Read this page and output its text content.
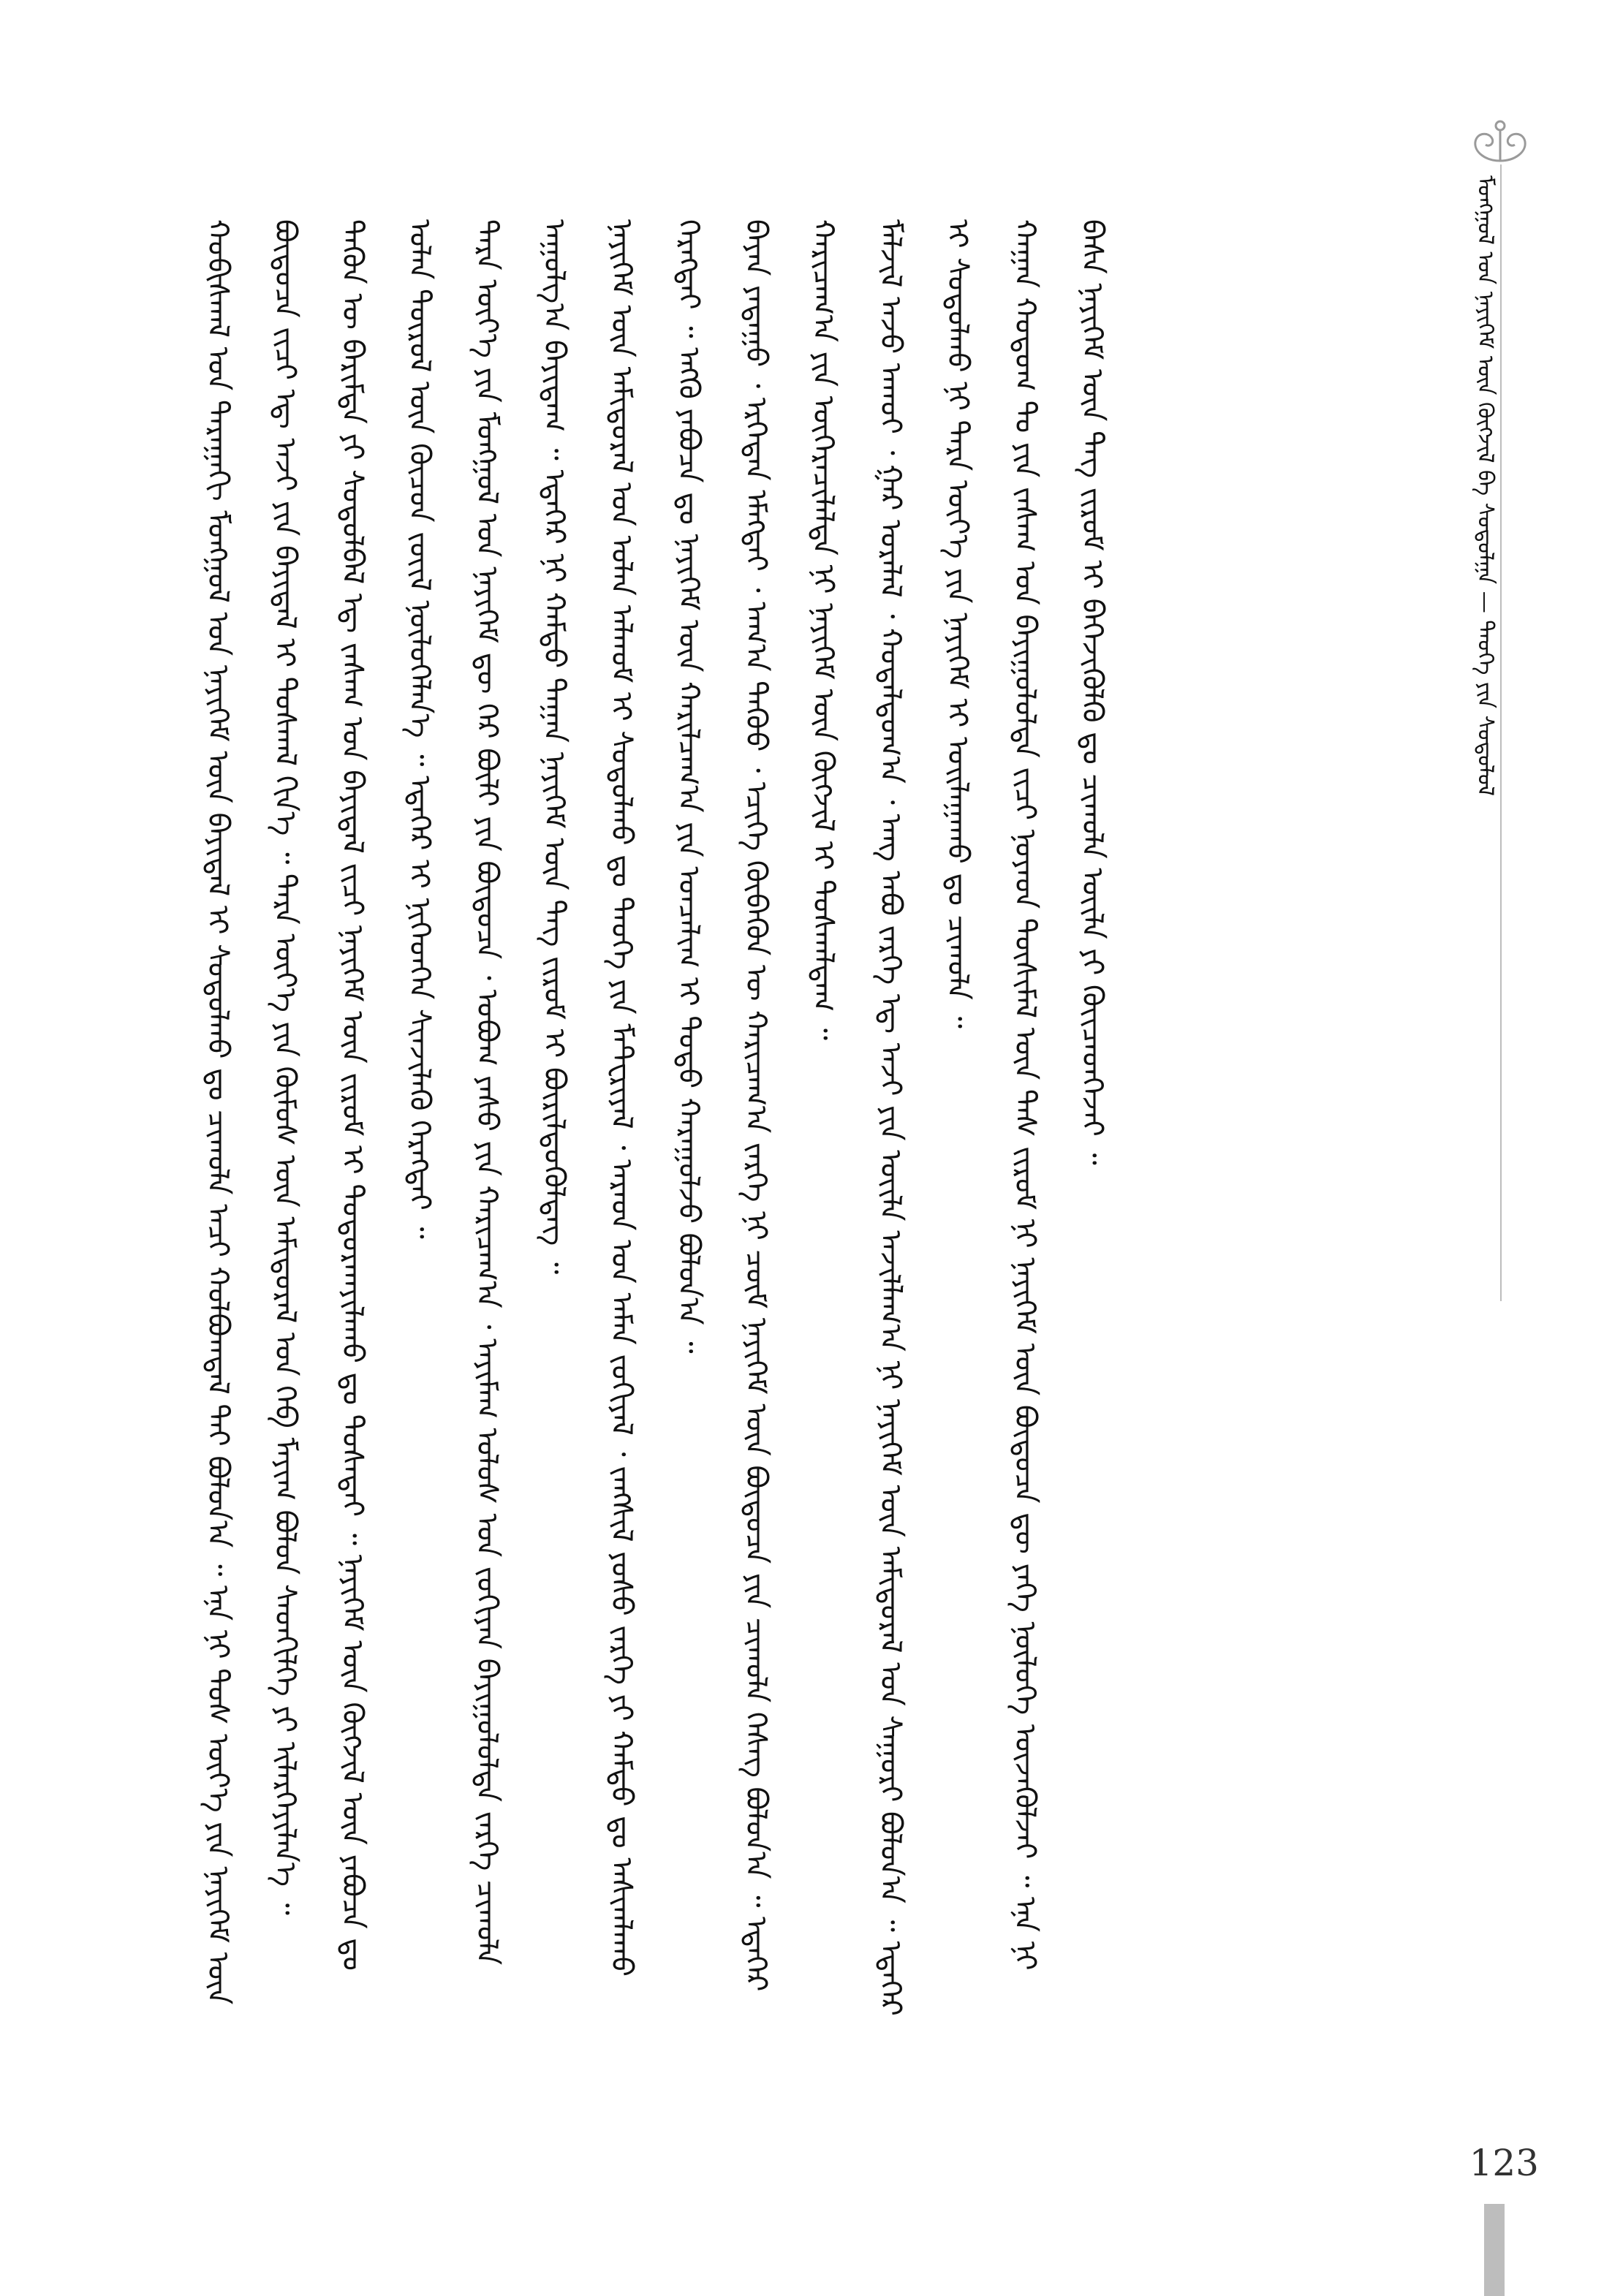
ᠮᠣᠩᠭᠣᠯ ᠤᠨ ᠨᠡᠶᠢᠭᠡᠮ ᠦᠨ ᠬᠥᠭᠵᠢᠯ ᠪᠠ ᠰᠤᠳᠤᠯᠭᠠ — ᠲᠡᠦᠬᠡ ᠶᠢᠨ ᠰᠤᠳᠤᠯᠤᠯ

ᠬᠣᠪᠢᠰᠬᠠᠯ ᠤᠨ ᠳᠠᠷᠠᠭᠠᠬᠢ ᠮᠣᠩᠭᠣᠯ ᠤᠨ ᠨᠡᠶᠢᠭᠡᠮ ᠦᠨ ᠪᠠᠶᠢᠳᠠᠯ ᠢ ᠰᠤᠳᠤᠯᠬᠤ ᠳᠤ ᠴᠢᠬᠤᠯᠠ ᠠᠴᠢ ᠬᠣᠯᠪᠣᠭᠳᠠᠯ ᠲᠠᠢ ᠪᠣᠯᠤᠨ᠎ᠠ ᠃ ᠡᠨᠡ ᠨᠢ ᠲᠤᠰ ᠦᠶ᠎ᠡ ᠶᠢᠨ ᠨᠡᠶᠢᠭᠡᠮ ᠦᠨ ᠪᠦᠲᠦᠴᠡ ᠵᠢᠴᠢ ᠡᠳ᠋ ᠠᠵᠢ ᠶᠢᠨ ᠪᠠᠶᠢᠳᠠᠯ ᠢ ᠲᠤᠰᠬᠠᠯ ᠬᠢᠨ᠎ᠡ ᠃ ᠲᠡᠷᠡ ᠦᠶ᠎ᠡ ᠶᠢᠨ ᠬᠦᠮᠦᠰ ᠦᠨ ᠠᠮᠢᠳᠤᠷᠠᠯ ᠤᠨ ᠬᠡᠪ ᠮᠠᠶᠢᠭ ᠪᠣᠯᠣᠨ ᠰᠡᠳᠬᠢᠯᠭᠡ ᠶᠢ ᠢᠯᠡᠷᠬᠡᠶᠢᠯᠡᠨ᠎ᠡ ᠃	ᠲᠡᠭᠦᠨ ᠦ ᠪᠠᠷᠢᠮᠲᠠ ᠶᠢ ᠰᠤᠳᠤᠯᠪᠠᠯ ᠡᠳ᠋ ᠵᠠᠰᠠᠭ ᠤᠨ ᠪᠠᠶᠢᠳᠠᠯ ᠵᠢᠴᠢ ᠨᠡᠶᠢᠭᠡᠮ ᠦᠨ ᠵᠢᠷᠤᠮ ᠢ ᠲᠣᠳᠤᠷᠬᠠᠶᠢᠯᠠᠬᠤ ᠳᠤ ᠲᠤᠰᠠᠲᠠᠢ ᠃ ᠨᠡᠶᠢᠭᠡᠮ ᠦᠨ ᠬᠥᠭᠵᠢᠯ ᠦᠨ ᠶᠠᠪᠤᠴᠠ ᠳᠤ ᠣᠯᠠᠨ ᠲᠥᠷᠦᠯ ᠦᠨ ᠬᠦᠴᠦᠨ ᠵᠦᠢᠯ ᠨᠥᠯᠥᠭᠡᠯᠡᠨ᠎ᠡ ᠃ ᠡᠳᠡᠭᠡᠷ ᠢ ᠨᠢᠭᠡᠳᠬᠡᠨ ᠰᠢᠨᠵᠢᠯᠡᠬᠦ ᠬᠡᠷᠡᠭᠲᠡᠢ ᠃	ᠲᠡᠷᠡ ᠦᠶ᠎ᠡ ᠶᠢᠨ ᠮᠣᠩᠭᠣᠯ ᠤᠨ ᠨᠡᠶᠢᠭᠡᠮ ᠳᠦ ᠭᠡᠷ ᠪᠦᠯᠢ ᠶᠢᠨ ᠪᠦᠲᠦᠴᠡ ᠂ ᠣᠪᠣᠭ ᠶᠠᠰᠤ ᠶᠢᠨ ᠬᠠᠷᠢᠴᠠᠭ᠎ᠠ ᠂ ᠠᠶᠢᠮᠠᠭ ᠤᠯᠤᠰ ᠤᠨ ᠵᠣᠬᠢᠶᠠᠨ ᠪᠠᠶᠢᠭᠤᠯᠤᠯᠲᠠ ᠵᠡᠷᠭᠡ ᠴᠢᠬᠤᠯᠠ ᠠᠭᠤᠯᠭ᠎ᠠ ᠪᠠᠶᠢᠳᠠᠭ ᠃ ᠡᠳᠡᠭᠡᠷ ᠨᠢ ᠬᠠᠮᠲᠤ ᠳᠠᠭᠠᠨ ᠨᠡᠶᠢᠭᠡᠮ ᠦᠨ ᠳᠡᠭ ᠵᠢᠷᠤᠮ ᠢ ᠪᠦᠷᠢᠯᠳᠦᠭᠦᠯᠳᠡᠭ ᠃	ᠨᠡᠶᠢᠭᠡᠮ ᠦᠨ ᠠᠮᠢᠳᠤᠷᠠᠯ ᠤᠨ ᠣᠯᠠᠨ ᠠᠯᠬᠤᠮ ᠢ ᠰᠤᠳᠤᠯᠬᠤ ᠳᠤ ᠲᠡᠦᠬᠡ ᠶᠢᠨ ᠮᠠᠲ᠋ᠧᠷᠢᠶᠠᠯ ᠂ ᠠᠷᠠᠳ ᠤᠨ ᠠᠮᠠᠨ ᠵᠣᠬᠢᠶᠠᠯ ᠂ ᠵᠠᠩᠱᠢᠯ ᠶᠣᠰᠣ ᠵᠡᠷᠭᠡ ᠶᠢ ᠬᠠᠮᠲᠤ ᠳᠤ ᠠᠰᠢᠭᠯᠠᠬᠤ ᠬᠡᠷᠡᠭᠲᠡᠢ ᠃ ᠡᠩᠬᠦ ᠶᠠᠪᠤᠴᠠ ᠳᠤ ᠨᠡᠶᠢᠭᠡᠮ ᠦᠨ ᠬᠠᠷᠢᠯᠴᠠᠭ᠎ᠠ ᠶᠢᠨ ᠣᠨᠴᠠᠯᠢᠭ ᠢ ᠲᠣᠳᠤ ᠬᠠᠷᠠᠭᠤᠯᠵᠤ ᠪᠣᠯᠤᠨ᠎ᠠ ᠃	ᠪᠠᠶᠠᠨ ᠶᠠᠳᠠᠭᠤ ᠂ ᠡᠷᠬᠡᠲᠡᠨ ᠡᠮᠡᠭᠲᠡᠢ ᠂ ᠠᠬ᠎ᠠ ᠳᠡᠭᠦᠦ ᠂ ᠡᠴᠢᠭᠡ ᠬᠦᠪᠡᠭᠦᠨ ᠦ ᠬᠠᠷᠢᠴᠠᠭ᠎ᠠ ᠵᠡᠷᠭᠡ ᠨᠢ ᠴᠥᠮ ᠨᠡᠶᠢᠭᠡᠮ ᠦᠨ ᠪᠦᠲᠦᠴᠡ ᠶᠢᠨ ᠴᠢᠬᠤᠯᠠ ᠬᠡᠰᠡᠭ ᠪᠣᠯᠤᠨ᠎ᠠ ᠃ ᠡᠳᠡᠭᠡᠷ ᠬᠠᠷᠢᠴᠠᠭ᠎ᠠ ᠶᠢᠨ ᠥᠭᠡᠷᠡᠴᠢᠯᠡᠯᠲᠡ ᠨᠢ ᠨᠡᠶᠢᠭᠡᠮ ᠦᠨ ᠬᠥᠭᠵᠢᠯ ᠢ ᠲᠤᠰᠬᠠᠯᠳᠠᠭ ᠃	ᠮᠠᠯᠵᠢᠯ ᠠᠵᠤ ᠠᠬᠤᠢ ᠂ ᠭᠠᠷ ᠤᠷᠠᠯᠠᠯ ᠂ ᠬᠤᠳᠠᠯᠳᠤᠭ᠎ᠠ ᠂ ᠠᠩ ᠠᠪᠤ ᠵᠡᠷᠭᠡ ᠡᠳ᠋ ᠠᠵᠢ ᠶᠢᠨ ᠦᠢᠯᠡ ᠠᠵᠢᠯᠯᠠᠭ᠎ᠠ ᠨᠢ ᠨᠡᠶᠢᠭᠡᠮ ᠦᠨ ᠠᠮᠢᠳᠤᠷᠠᠯ ᠤᠨ ᠰᠠᠭᠤᠷᠢ ᠪᠣᠯᠤᠨ᠎ᠠ ᠃ ᠡᠳᠡᠭᠡᠷ ᠢ ᠰᠤᠳᠤᠯᠬᠤ ᠨᠢ ᠲᠡᠷᠡ ᠦᠶ᠎ᠡ ᠶᠢᠨ ᠨᠡᠶᠢᠭᠡᠮ ᠢ ᠣᠢᠯᠠᠭᠠᠬᠤ ᠳᠤ ᠴᠢᠬᠤᠯᠠ ᠃	ᠬᠠᠭᠠᠨ ᠬᠤᠲᠤᠭ ᠲᠤ ᠶᠢᠨ ᠵᠠᠰᠠᠭ ᠤᠨ ᠪᠠᠶᠢᠭᠤᠯᠤᠯᠲᠠ ᠵᠢᠴᠢ ᠨᠣᠶᠠᠳ ᠲᠦᠰᠢᠮᠡᠯ ᠦᠨ ᠳᠡᠰ ᠵᠢᠷᠤᠮ ᠨᠢ ᠨᠡᠶᠢᠭᠡᠮ ᠦᠨ ᠪᠦᠲᠦᠴᠡ ᠳᠦ ᠶᠡᠬᠡ ᠨᠥᠯᠥᠭᠡ ᠦᠵᠡᠭᠦᠯᠵᠡᠢ ᠃ ᠡᠨᠡ ᠨᠢ ᠪᠠᠰᠠ ᠨᠡᠶᠢᠭᠡᠮ ᠦᠨ ᠳᠡᠭ ᠵᠢᠷᠤᠮ ᠢ ᠪᠡᠬᠡᠵᠢᠭᠦᠯᠬᠦ ᠳᠤ ᠴᠢᠬᠤᠯᠠ ᠦᠢᠯᠡ ᠶᠢ ᠭᠦᠢᠴᠡᠳᠭᠡᠵᠡᠢ ᠃

123
